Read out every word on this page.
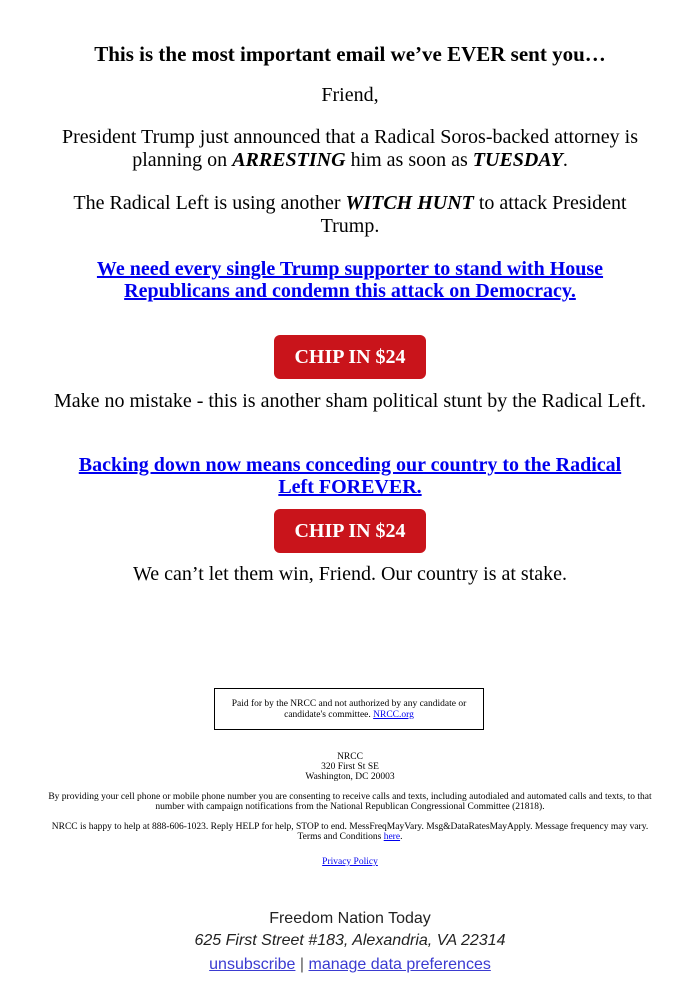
This is the most important email we’ve EVER sent you…
Friend,
President Trump just announced that a Radical Soros-backed attorney is planning on ARRESTING him as soon as TUESDAY.
The Radical Left is using another WITCH HUNT to attack President Trump.
We need every single Trump supporter to stand with House Republicans and condemn this attack on Democracy.
CHIP IN $24
Make no mistake - this is another sham political stunt by the Radical Left.
Backing down now means conceding our country to the Radical Left FOREVER.
CHIP IN $24
We can’t let them win, Friend. Our country is at stake.
Paid for by the NRCC and not authorized by any candidate or candidate's committee. NRCC.org
NRCC
320 First St SE
Washington, DC 20003
By providing your cell phone or mobile phone number you are consenting to receive calls and texts, including autodialed and automated calls and texts, to that number with campaign notifications from the National Republican Congressional Committee (21818).
NRCC is happy to help at 888-606-1023. Reply HELP for help, STOP to end. MessFreqMayVary. Msg&DataRatesMayApply. Message frequency may vary. Terms and Conditions here.
Privacy Policy
Freedom Nation Today
625 First Street #183, Alexandria, VA 22314
unsubscribe | manage data preferences
